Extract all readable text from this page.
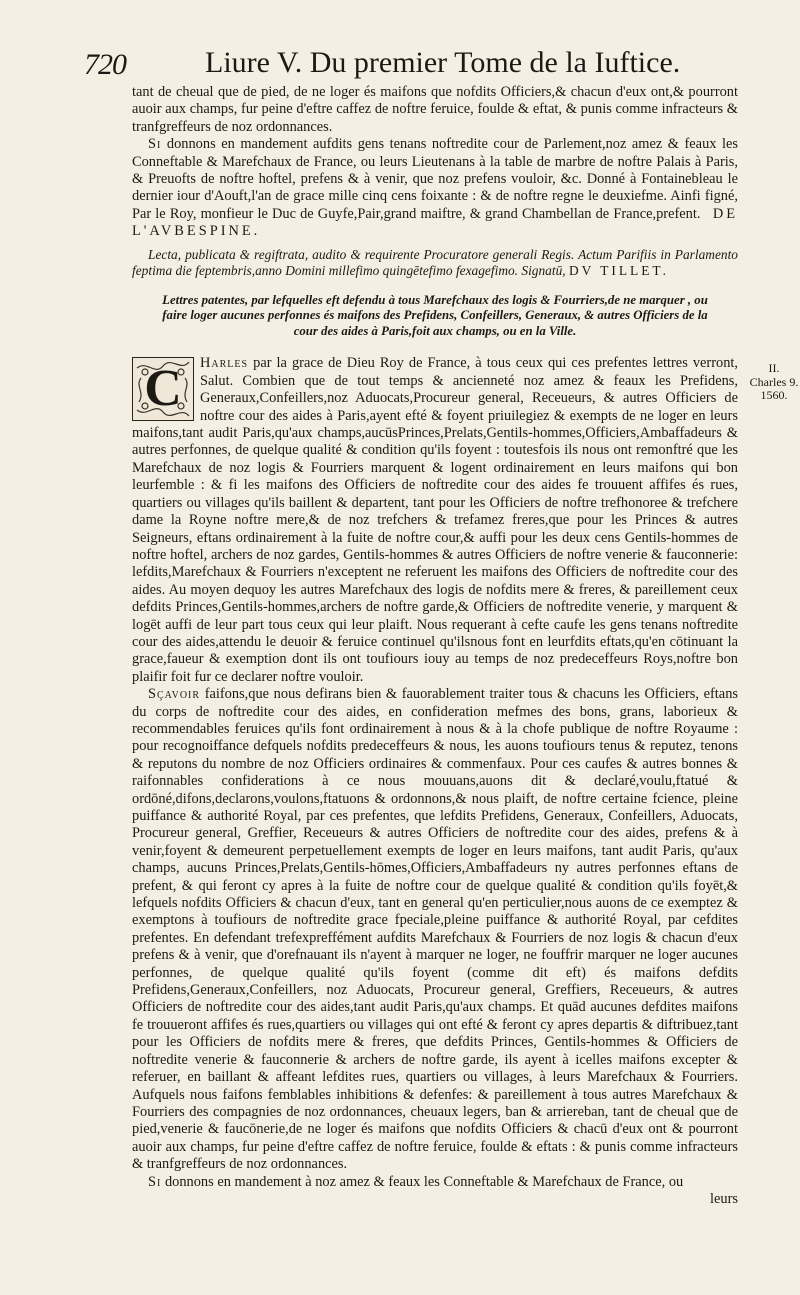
720	Liure V. Du premier Tome de la Iuftice.

tant de cheual que de pied, de ne loger és maifons que nofdits Officiers,& chacun d'eux ont,& pourront auoir aux champs, fur peine d'eftre caffez de noftre feruice, foulde & eftat, & punis comme infracteurs & tranfgreffeurs de noz ordonnances.

Si donnons en mandement aufdits gens tenans noftredite cour de Parlement,noz amez & feaux les Conneftable & Marefchaux de France, ou leurs Lieutenans à la table de marbre de noftre Palais à Paris, & Preuofts de noftre hoftel, prefens & à venir, que noz prefens vouloir, &c. Donné à Fontainebleau le dernier iour d'Aouft,l'an de grace mille cinq cens foixante : & de noftre regne le deuxiefme. Ainfi figné, Par le Roy, monfieur le Duc de Guyfe,Pair,grand maiftre, & grand Chambellan de France,prefent. DE L'AVBESPINE.

Lecta, publicata & regiftrata, audito & requirente Procuratore generali Regis. Actum Parifiis in Parlamento feptima die feptembris,anno Domini millefimo quingētefimo fexagefimo. Signatū, DV TILLET.

Lettres patentes, par lefquelles eft defendu à tous Marefchaux des logis & Fourriers,de ne marquer , ou faire loger aucunes perfonnes és maifons des Prefidens, Confeillers, Generaux, & autres Officiers de la cour des aides à Paris,foit aux champs, ou en la Ville.

C	Harles par la grace de Dieu Roy de France, à tous ceux qui ces prefentes lettres verront, Salut. Combien que de tout temps & ancienneté noz amez & feaux les Prefidens, Generaux,Confeillers,noz Aduocats,Procureur general, Receueurs, & autres Officiers de noftre cour des aides à Paris,ayent efté & foyent priuilegiez & exempts de ne loger en leurs maifons,tant audit Paris,qu'aux champs,aucūsPrinces,Prelats,Gentils-hommes,Officiers,Ambaffadeurs & autres perfonnes, de quelque qualité & condition qu'ils foyent : toutesfois ils nous ont remonftré que les Marefchaux de noz logis & Fourriers marquent & logent ordinairement en leurs maifons qui bon leurfemble : & fi les maifons des Officiers de noftredite cour des aides fe trouuent affifes és rues, quartiers ou villages qu'ils baillent & departent, tant pour les Officiers de noftre trefhonoree & trefchere dame la Royne noftre mere,& de noz trefchers & trefamez freres,que pour les Princes & autres Seigneurs, eftans ordinairement à la fuite de noftre cour,& auffi pour les deux cens Gentils-hommes de noftre hoftel, archers de noz gardes, Gentils-hommes & autres Officiers de noftre venerie & fauconnerie: lefdits,Marefchaux & Fourriers n'exceptent ne referuent les maifons des Officiers de noftredite cour des aides. Au moyen dequoy les autres Marefchaux des logis de nofdits mere & freres, & pareillement ceux defdits Princes,Gentils-hommes,archers de noftre garde,& Officiers de noftredite venerie, y marquent & logēt auffi de leur part tous ceux qui leur plaift. Nous requerant à cefte caufe les gens tenans noftredite cour des aides,attendu le deuoir & feruice continuel qu'ilsnous font en leurfdits eftats,qu'en cōtinuant la grace,faueur & exemption dont ils ont toufiours iouy au temps de noz predeceffeurs Roys,noftre bon plaifir foit fur ce declarer noftre vouloir.

Sçavoir faifons,que nous defirans bien & fauorablement traiter tous & chacuns les Officiers, eftans du corps de noftredite cour des aides, en confideration mefmes des bons, grans, laborieux & recommendables feruices qu'ils font ordinairement à nous & à la chofe publique de noftre Royaume : pour recognoiffance defquels nofdits predeceffeurs & nous, les auons toufiours tenus & reputez, tenons & reputons du nombre de noz Officiers ordinaires & commenfaux. Pour ces caufes & autres bonnes & raifonnables confiderations à ce nous mouuans,auons dit & declaré,voulu,ftatué & ordōné,difons,declarons,voulons,ftatuons & ordonnons,& nous plaift, de noftre certaine fcience, pleine puiffance & authorité Royal, par ces prefentes, que lefdits Prefidens, Generaux, Confeillers, Aduocats, Procureur general, Greffier, Receueurs & autres Officiers de noftredite cour des aides, prefens & à venir,foyent & demeurent perpetuellement exempts de loger en leurs maifons, tant audit Paris, qu'aux champs, aucuns Princes,Prelats,Gentils-hōmes,Officiers,Ambaffadeurs ny autres perfonnes eftans de prefent, & qui feront cy apres à la fuite de noftre cour de quelque qualité & condition qu'ils foyēt,& lefquels nofdits Officiers & chacun d'eux, tant en general qu'en perticulier,nous auons de ce exemptez & exemptons à toufiours de noftredite grace fpeciale,pleine puiffance & authorité Royal, par cefdites prefentes. En defendant trefexpreffément aufdits Marefchaux & Fourriers de noz logis & chacun d'eux prefens & à venir, que d'orefnauant ils n'ayent à marquer ne loger, ne fouffrir marquer ne loger aucunes perfonnes, de quelque qualité qu'ils foyent (comme dit eft) és maifons defdits Prefidens,Generaux,Confeillers, noz Aduocats, Procureur general, Greffiers, Receueurs, & autres Officiers de noftredite cour des aides,tant audit Paris,qu'aux champs. Et quād aucunes defdites maifons fe trouueront affifes és rues,quartiers ou villages qui ont efté & feront cy apres departis & diftribuez,tant pour les Officiers de nofdits mere & freres, que defdits Princes, Gentils-hommes & Officiers de noftredite venerie & fauconnerie & archers de noftre garde, ils ayent à icelles maifons excepter & referuer, en baillant & affeant lefdites rues, quartiers ou villages, à leurs Marefchaux & Fourriers. Aufquels nous faifons femblables inhibitions & defenfes: & pareillement à tous autres Marefchaux & Fourriers des compagnies de noz ordonnances, cheuaux legers, ban & arriereban, tant de cheual que de pied,venerie & faucōnerie,de ne loger és maifons que nofdits Officiers & chacū d'eux ont & pourront auoir aux champs, fur peine d'eftre caffez de noftre feruice, foulde & eftats : & punis comme infracteurs & tranfgreffeurs de noz ordonnances.

Si donnons en mandement à noz amez & feaux les Conneftable & Marefchaux de France, ou

leurs

II.
Charles 9.
1560.
